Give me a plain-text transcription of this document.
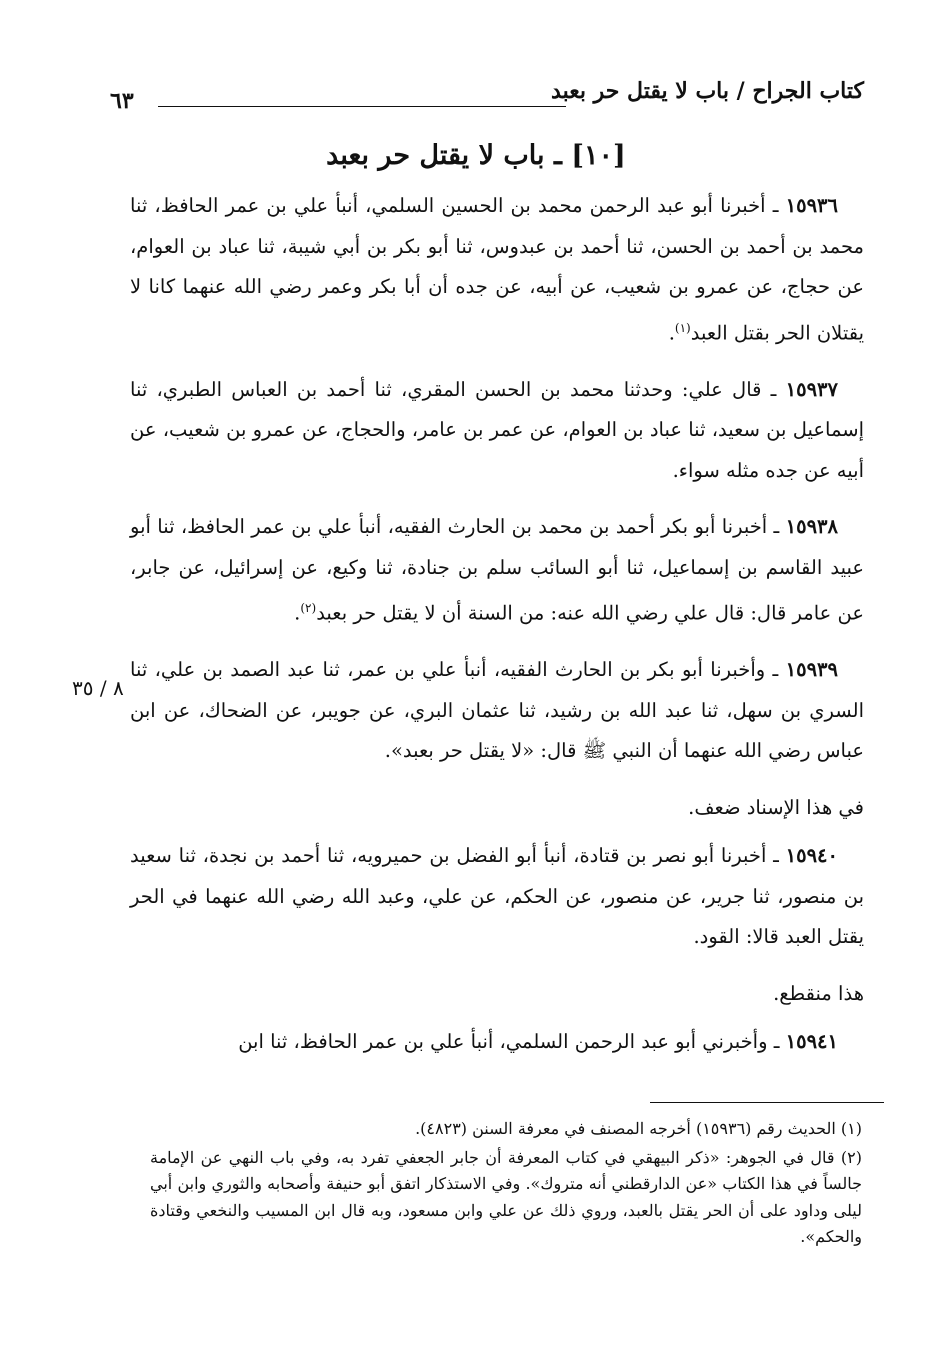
كتاب الجراح / باب لا يقتل حر بعبد
٦٣
[١٠] ـ باب لا يقتل حر بعبد

١٥٩٣٦ ـ أخبرنا أبو عبد الرحمن محمد بن الحسين السلمي، أنبأ علي بن عمر الحافظ، ثنا محمد بن أحمد بن الحسن، ثنا أحمد بن عبدوس، ثنا أبو بكر بن أبي شيبة، ثنا عباد بن العوام، عن حجاج، عن عمرو بن شعيب، عن أبيه، عن جده أن أبا بكر وعمر رضي الله عنهما كانا لا يقتلان الحر بقتل العبد$^{(١)}$.

١٥٩٣٧ ـ قال علي: وحدثنا محمد بن الحسن المقري، ثنا أحمد بن العباس الطبري، ثنا إسماعيل بن سعيد، ثنا عباد بن العوام، عن عمر بن عامر، والحجاج، عن عمرو بن شعيب، عن أبيه عن جده مثله سواء.

١٥٩٣٨ ـ أخبرنا أبو بكر أحمد بن محمد بن الحارث الفقيه، أنبأ علي بن عمر الحافظ، ثنا أبو عبيد القاسم بن إسماعيل، ثنا أبو السائب سلم بن جنادة، ثنا وكيع، عن إسرائيل، عن جابر، عن عامر قال: قال علي رضي الله عنه: من السنة أن لا يقتل حر بعبد$^{(٢)}$.

١٥٩٣٩ ـ وأخبرنا أبو بكر بن الحارث الفقيه، أنبأ علي بن عمر، ثنا عبد الصمد بن علي، ثنا السري بن سهل، ثنا عبد الله بن رشيد، ثنا عثمان البري، عن جويبر، عن الضحاك، عن ابن عباس رضي الله عنهما أن النبي ﷺ قال: «لا يقتل حر بعبد».

في هذا الإسناد ضعف.

١٥٩٤٠ ـ أخبرنا أبو نصر بن قتادة، أنبأ أبو الفضل بن حميرويه، ثنا أحمد بن نجدة، ثنا سعيد بن منصور، ثنا جرير، عن منصور، عن الحكم، عن علي، وعبد الله رضي الله عنهما في الحر يقتل العبد قالا: القود.

هذا منقطع.

١٥٩٤١ ـ وأخبرني أبو عبد الرحمن السلمي، أنبأ علي بن عمر الحافظ، ثنا ابن

٨ / ٣٥

(١) الحديث رقم (١٥٩٣٦) أخرجه المصنف في معرفة السنن (٤٨٢٣).

(٢) قال في الجوهر: «ذكر البيهقي في كتاب المعرفة أن جابر الجعفي تفرد به، وفي باب النهي عن الإمامة جالساً في هذا الكتاب «عن الدارقطني أنه متروك». وفي الاستذكار اتفق أبو حنيفة وأصحابه والثوري وابن أبي ليلى وداود على أن الحر يقتل بالعبد، وروي ذلك عن علي وابن مسعود، وبه قال ابن المسيب والنخعي وقتادة والحكم».
